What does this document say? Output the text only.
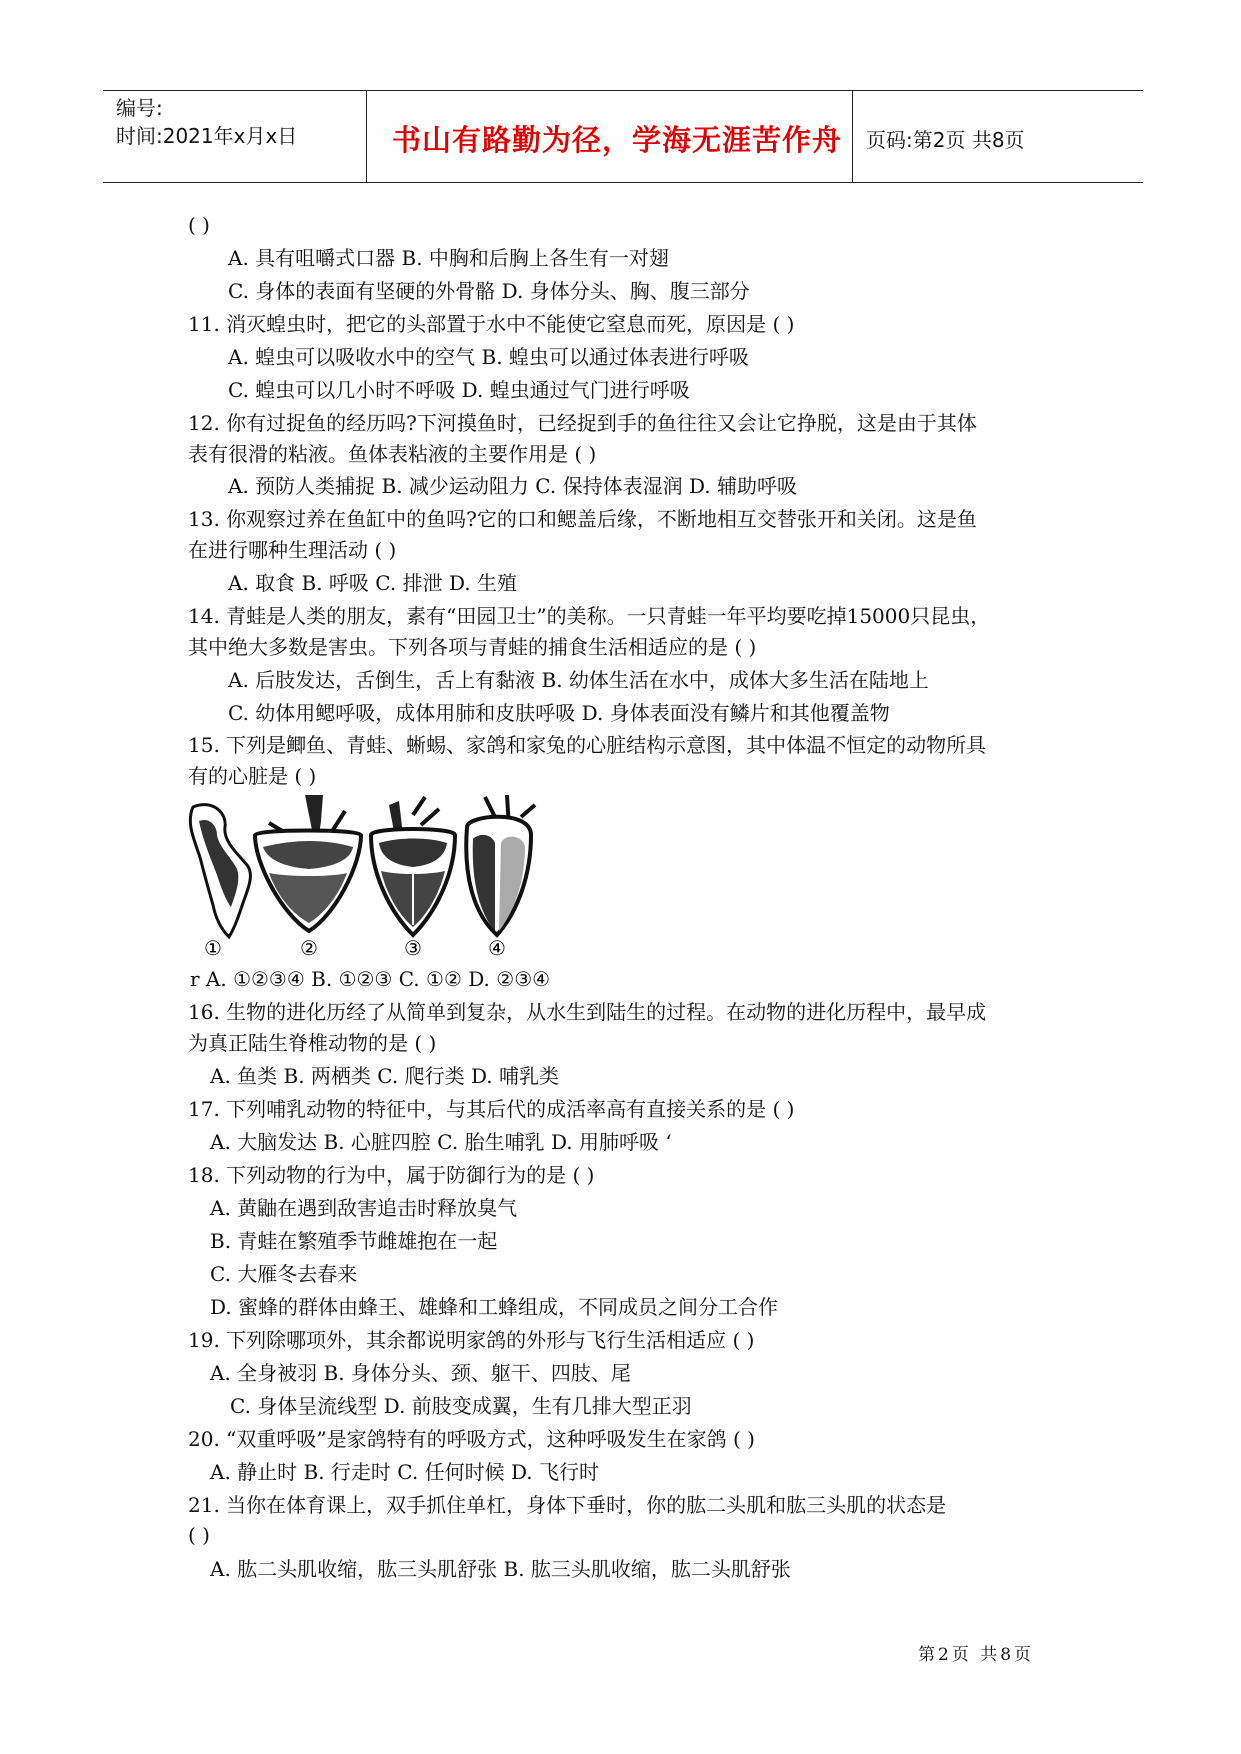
编号:
时间:2021年x月x日	书山有路勤为径，学海无涯苦作舟 页码:第2页 共8页
( )
A. 具有咀嚼式口器 B. 中胸和后胸上各生有一对翅
C. 身体的表面有坚硬的外骨骼 D. 身体分头、胸、腹三部分
11. 消灭蝗虫时，把它的头部置于水中不能使它窒息而死，原因是 ( )
A. 蝗虫可以吸收水中的空气 B. 蝗虫可以通过体表进行呼吸
C. 蝗虫可以几小时不呼吸 D. 蝗虫通过气门进行呼吸
12. 你有过捉鱼的经历吗?下河摸鱼时，已经捉到手的鱼往往又会让它挣脱，这是由于其体
表有很滑的粘液。鱼体表粘液的主要作用是 ( )
A. 预防人类捕捉 B. 减少运动阻力 C. 保持体表湿润 D. 辅助呼吸
13. 你观察过养在鱼缸中的鱼吗?它的口和鳃盖后缘，不断地相互交替张开和关闭。这是鱼
在进行哪种生理活动 ( )
A. 取食 B. 呼吸 C. 排泄 D. 生殖
14. 青蛙是人类的朋友，素有“田园卫士”的美称。一只青蛙一年平均要吃掉15000只昆虫，
其中绝大多数是害虫。下列各项与青蛙的捕食生活相适应的是 ( )
A. 后肢发达，舌倒生，舌上有黏液 B. 幼体生活在水中，成体大多生活在陆地上
C. 幼体用鳃呼吸，成体用肺和皮肤呼吸 D. 身体表面没有鳞片和其他覆盖物
15. 下列是鲫鱼、青蛙、蜥蜴、家鸽和家兔的心脏结构示意图，其中体温不恒定的动物所具
有的心脏是 ( )
①	②	③	④
r A. ①②③④ B. ①②③ C. ①② D. ②③④
16. 生物的进化历经了从简单到复杂，从水生到陆生的过程。在动物的进化历程中，最早成
为真正陆生脊椎动物的是 ( )
A. 鱼类 B. 两栖类 C. 爬行类 D. 哺乳类
17. 下列哺乳动物的特征中，与其后代的成活率高有直接关系的是 ( )
A. 大脑发达 B. 心脏四腔 C. 胎生哺乳 D. 用肺呼吸 ‘
18. 下列动物的行为中，属于防御行为的是 ( )
A. 黄鼬在遇到敌害追击时释放臭气
B. 青蛙在繁殖季节雌雄抱在一起
C. 大雁冬去春来
D. 蜜蜂的群体由蜂王、雄蜂和工蜂组成，不同成员之间分工合作
19. 下列除哪项外，其余都说明家鸽的外形与飞行生活相适应 ( )
A. 全身被羽 B. 身体分头、颈、躯干、四肢、尾
C. 身体呈流线型 D. 前肢变成翼，生有几排大型正羽
20. “双重呼吸”是家鸽特有的呼吸方式，这种呼吸发生在家鸽 ( )
A. 静止时 B. 行走时 C. 任何时候 D. 飞行时
21. 当你在体育课上，双手抓住单杠，身体下垂时，你的肱二头肌和肱三头肌的状态是
( )
A. 肱二头肌收缩，肱三头肌舒张 B. 肱三头肌收缩，肱二头肌舒张
第2页 共8页
